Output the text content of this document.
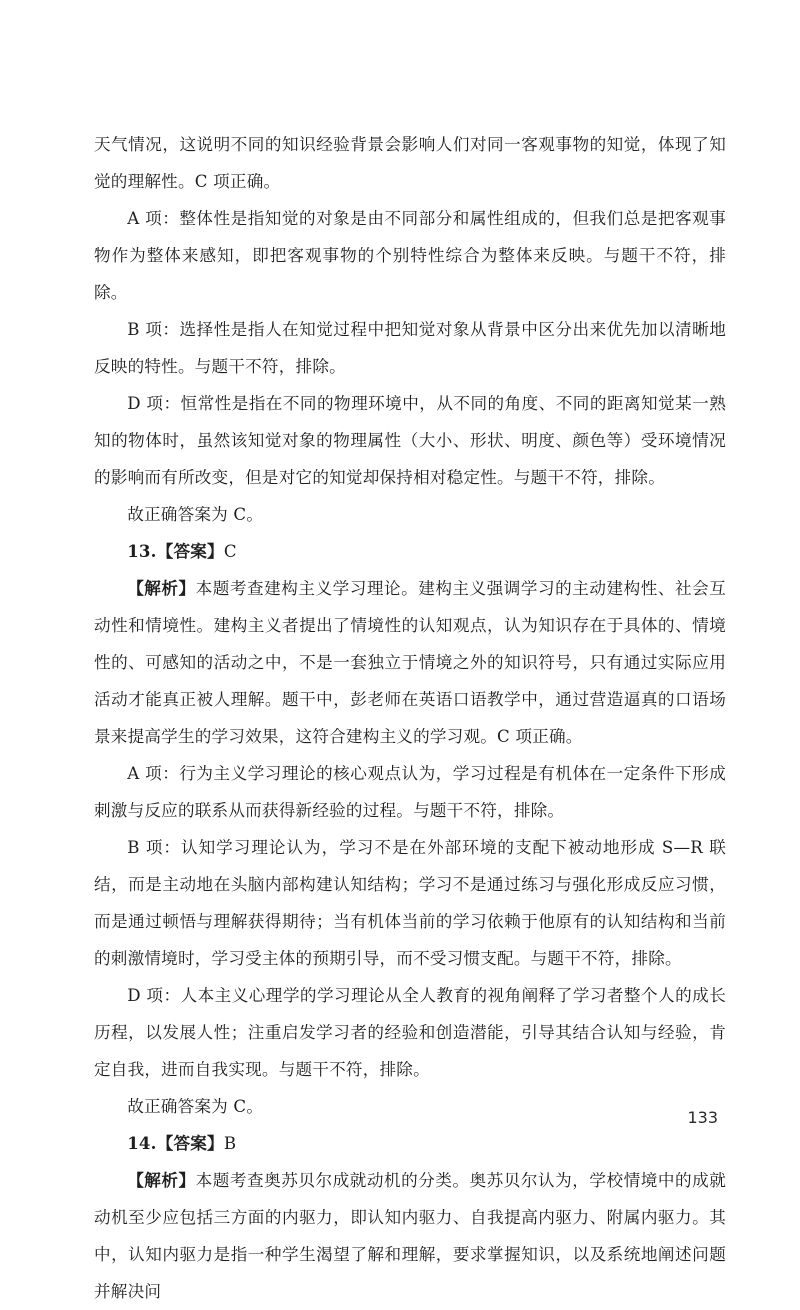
天气情况，这说明不同的知识经验背景会影响人们对同一客观事物的知觉，体现了知觉的理解性。C 项正确。

A 项：整体性是指知觉的对象是由不同部分和属性组成的，但我们总是把客观事物作为整体来感知，即把客观事物的个别特性综合为整体来反映。与题干不符，排除。

B 项：选择性是指人在知觉过程中把知觉对象从背景中区分出来优先加以清晰地反映的特性。与题干不符，排除。

D 项：恒常性是指在不同的物理环境中，从不同的角度、不同的距离知觉某一熟知的物体时，虽然该知觉对象的物理属性（大小、形状、明度、颜色等）受环境情况的影响而有所改变，但是对它的知觉却保持相对稳定性。与题干不符，排除。

故正确答案为 C。

13.【答案】C

【解析】本题考查建构主义学习理论。建构主义强调学习的主动建构性、社会互动性和情境性。建构主义者提出了情境性的认知观点，认为知识存在于具体的、情境性的、可感知的活动之中，不是一套独立于情境之外的知识符号，只有通过实际应用活动才能真正被人理解。题干中，彭老师在英语口语教学中，通过营造逼真的口语场景来提高学生的学习效果，这符合建构主义的学习观。C 项正确。

A 项：行为主义学习理论的核心观点认为，学习过程是有机体在一定条件下形成刺激与反应的联系从而获得新经验的过程。与题干不符，排除。

B 项：认知学习理论认为，学习不是在外部环境的支配下被动地形成 S—R 联结，而是主动地在头脑内部构建认知结构；学习不是通过练习与强化形成反应习惯，而是通过顿悟与理解获得期待；当有机体当前的学习依赖于他原有的认知结构和当前的刺激情境时，学习受主体的预期引导，而不受习惯支配。与题干不符，排除。

D 项：人本主义心理学的学习理论从全人教育的视角阐释了学习者整个人的成长历程，以发展人性；注重启发学习者的经验和创造潜能，引导其结合认知与经验，肯定自我，进而自我实现。与题干不符，排除。

故正确答案为 C。

14.【答案】B

【解析】本题考查奥苏贝尔成就动机的分类。奥苏贝尔认为，学校情境中的成就动机至少应包括三方面的内驱力，即认知内驱力、自我提高内驱力、附属内驱力。其中，认知内驱力是指一种学生渴望了解和理解，要求掌握知识，以及系统地阐述问题并解决问

133
